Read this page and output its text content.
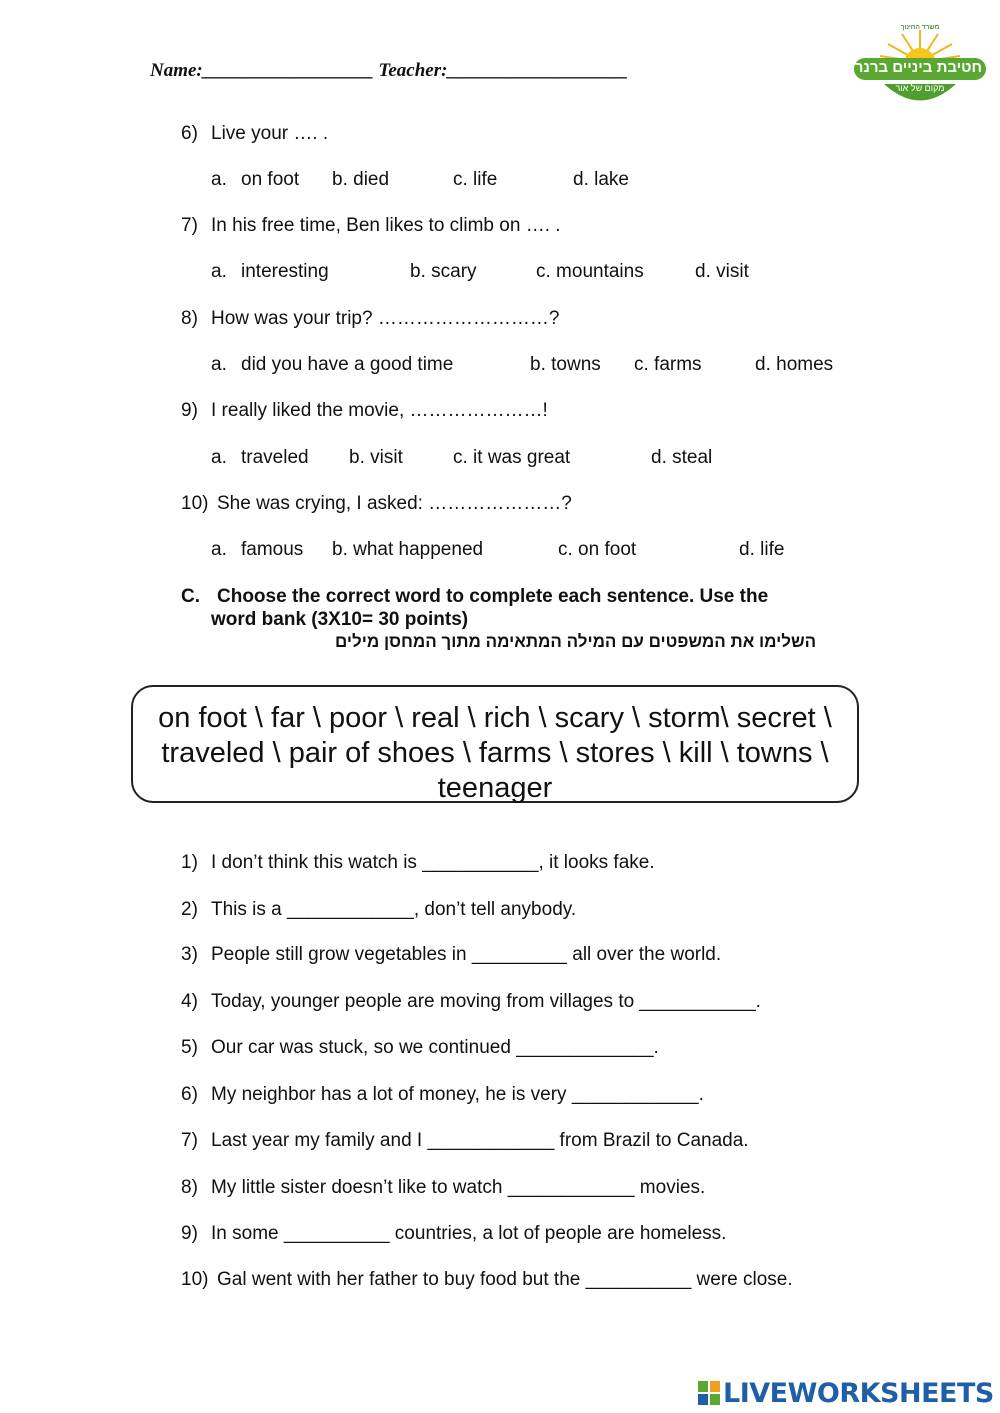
Name:__________________ Teacher:___________________	חטיבת ביניים ברנר
מקום של אור
משרד החינוך
6) Live your …. .
a. on foot b. died	c. life	d. lake
7) In his free time, Ben likes to climb on …. .
a. interesting	b. scary	c. mountains	d. visit
8) How was your trip? ………………………?
a. did you have a good time	b. towns c. farms	d. homes
9) I really liked the movie, …………………!
a. traveled b. visit	c. it was great	d. steal
10) She was crying, I asked: …………………?
a. famous b. what happened	c. on foot	d. life
C. Choose the correct word to complete each sentence. Use the
word bank (3X10= 30 points)
השלימו את המשפטים עם המילה המתאימה מתוך המחסן מילים
on foot \ far \ poor \ real \ rich \ scary \ storm\ secret \ traveled \ pair of shoes \ farms \ stores \ kill \ towns \ teenager
1) I don’t think this watch is ___________, it looks fake.
2) This is a ____________, don’t tell anybody.
3) People still grow vegetables in _________ all over the world.
4) Today, younger people are moving from villages to ___________.
5) Our car was stuck, so we continued _____________.
6) My neighbor has a lot of money, he is very ____________.
7) Last year my family and I ____________ from Brazil to Canada.
8) My little sister doesn’t like to watch ____________ movies.
9) In some __________ countries, a lot of people are homeless.
10) Gal went with her father to buy food but the __________ were close.
LIVEWORKSHEETS
